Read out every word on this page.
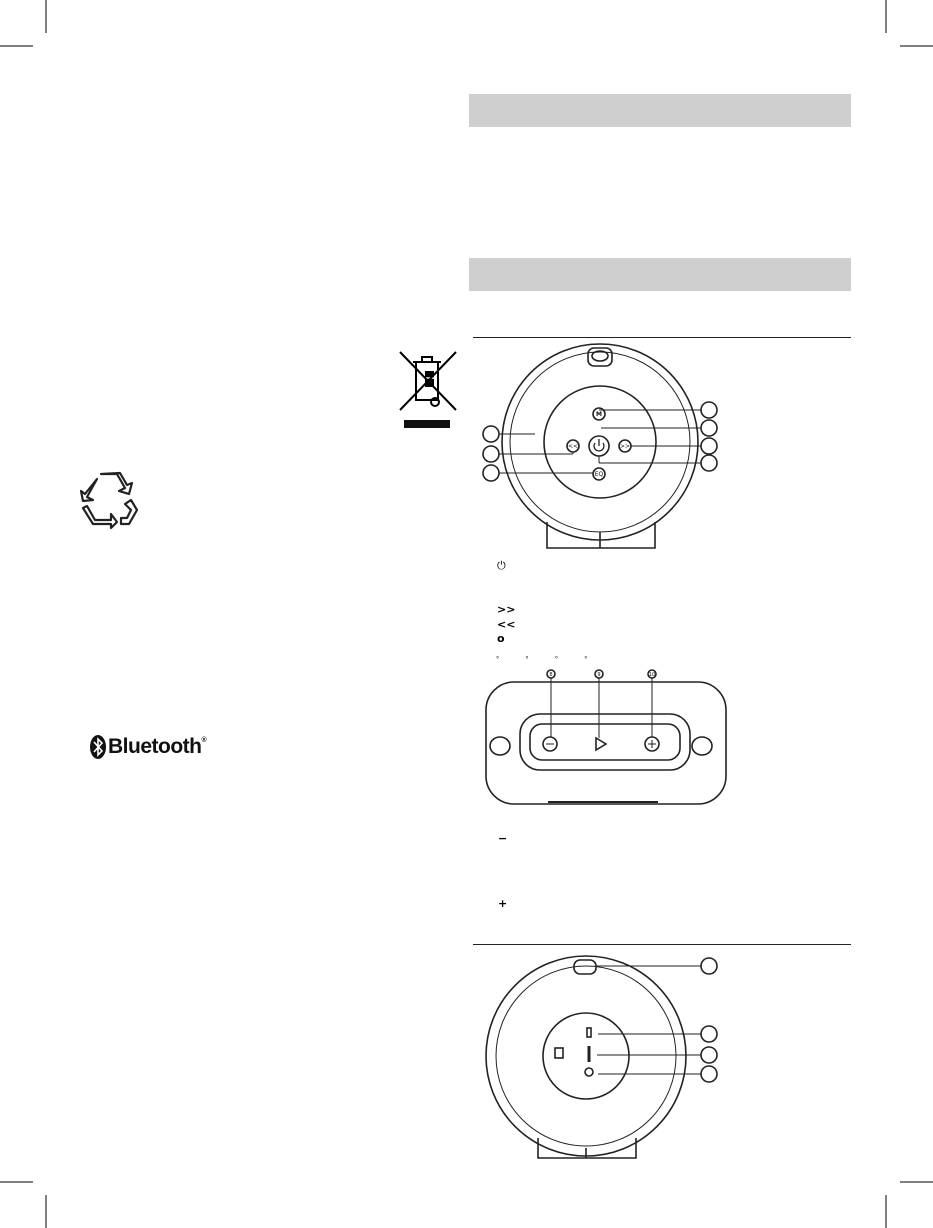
Bluetooth ®
M
<<	>>
EQ
⏻
>>
<<
o
° ° ° °
8	9	10
−
+
